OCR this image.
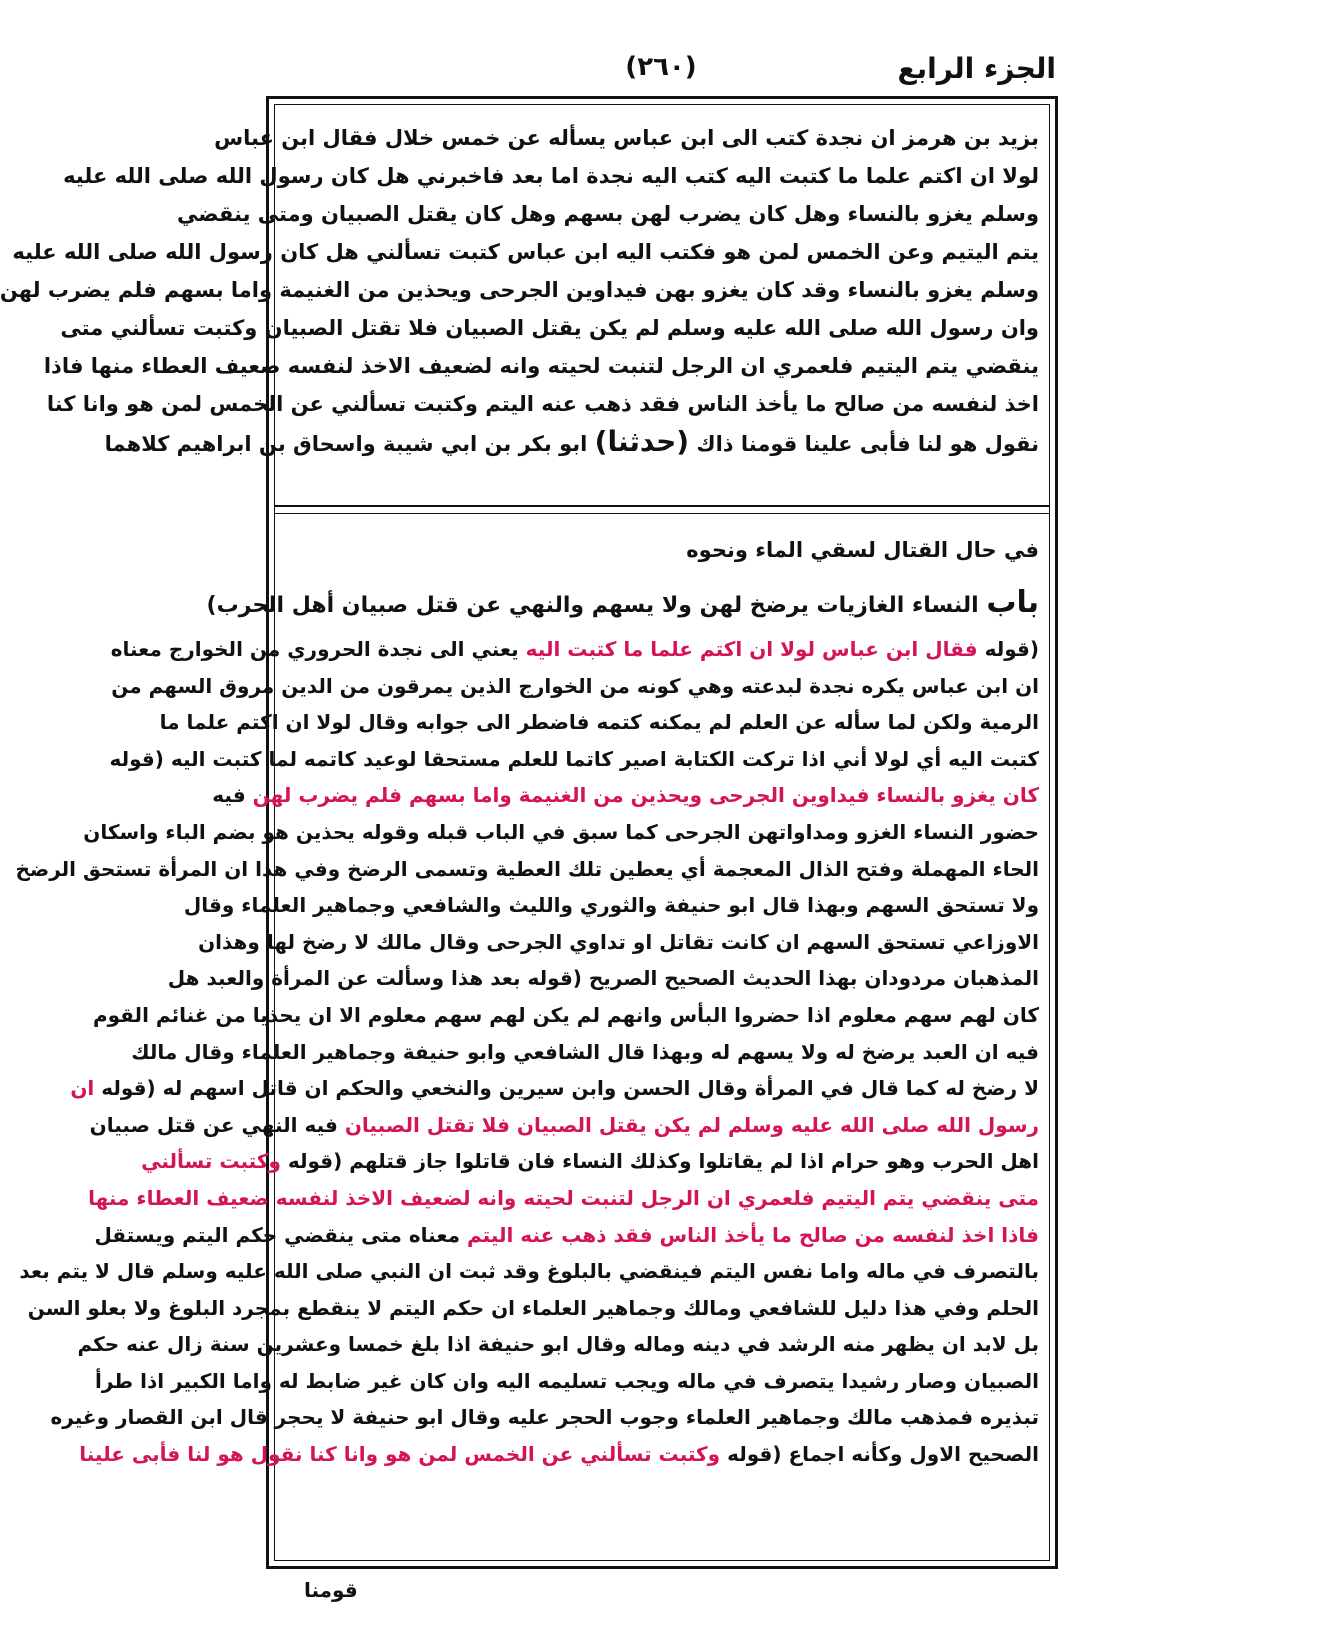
الجزء الرابع
(٢٦٠)
بزيد بن هرمز ان نجدة كتب الى ابن عباس يسأله عن خمس خلال فقال ابن عباس
لولا ان اكتم علما ما كتبت اليه كتب اليه نجدة اما بعد فاخبرني هل كان رسول الله صلى الله عليه
وسلم يغزو بالنساء وهل كان يضرب لهن بسهم وهل كان يقتل الصبيان ومتى ينقضي
يتم اليتيم وعن الخمس لمن هو فكتب اليه ابن عباس كتبت تسألني هل كان رسول الله صلى الله عليه
وسلم يغزو بالنساء وقد كان يغزو بهن فيداوين الجرحى ويحذين من الغنيمة واما بسهم فلم يضرب لهن
وان رسول الله صلى الله عليه وسلم لم يكن يقتل الصبيان فلا تقتل الصبيان وكتبت تسألني متى
ينقضي يتم اليتيم فلعمري ان الرجل لتنبت لحيته وانه لضعيف الاخذ لنفسه ضعيف العطاء منها فاذا
اخذ لنفسه من صالح ما يأخذ الناس فقد ذهب عنه اليتم وكتبت تسألني عن الخمس لمن هو وانا كنا
نقول هو لنا فأبى علينا قومنا ذاك (حدثنا) ابو بكر بن ابي شيبة واسحاق بن ابراهيم كلاهما
في حال القتال لسقي الماء ونحوه
باب النساء الغازيات يرضخ لهن ولا يسهم والنهي عن قتل صبيان أهل الحرب)
(قوله فقال ابن عباس لولا ان اكتم علما ما كتبت اليه يعني الى نجدة الحروري من الخوارج معناه
ان ابن عباس يكره نجدة لبدعته وهي كونه من الخوارج الذين يمرقون من الدين مروق السهم من
الرمية ولكن لما سأله عن العلم لم يمكنه كتمه فاضطر الى جوابه وقال لولا ان اكتم علما ما
كتبت اليه أي لولا أني اذا تركت الكتابة اصير كاتما للعلم مستحقا لوعيد كاتمه لما كتبت اليه (قوله
كان يغزو بالنساء فيداوين الجرحى ويحذين من الغنيمة واما بسهم فلم يضرب لهن فيه
حضور النساء الغزو ومداواتهن الجرحى كما سبق في الباب قبله وقوله يحذين هو بضم الباء واسكان
الحاء المهملة وفتح الذال المعجمة أي يعطين تلك العطية وتسمى الرضخ وفي هذا ان المرأة تستحق الرضخ
ولا تستحق السهم وبهذا قال ابو حنيفة والثوري والليث والشافعي وجماهير العلماء وقال
الاوزاعي تستحق السهم ان كانت تقاتل او تداوي الجرحى وقال مالك لا رضخ لها وهذان
المذهبان مردودان بهذا الحديث الصحيح الصريح (قوله بعد هذا وسألت عن المرأة والعبد هل
كان لهم سهم معلوم اذا حضروا البأس وانهم لم يكن لهم سهم معلوم الا ان يحذيا من غنائم القوم
فيه ان العبد يرضخ له ولا يسهم له وبهذا قال الشافعي وابو حنيفة وجماهير العلماء وقال مالك
لا رضخ له كما قال في المرأة وقال الحسن وابن سيرين والنخعي والحكم ان قاتل اسهم له (قوله ان
رسول الله صلى الله عليه وسلم لم يكن يقتل الصبيان فلا تقتل الصبيان فيه النهي عن قتل صبيان
اهل الحرب وهو حرام اذا لم يقاتلوا وكذلك النساء فان قاتلوا جاز قتلهم (قوله وكتبت تسألني
متى ينقضي يتم اليتيم فلعمري ان الرجل لتنبت لحيته وانه لضعيف الاخذ لنفسه ضعيف العطاء منها
فاذا اخذ لنفسه من صالح ما يأخذ الناس فقد ذهب عنه اليتم معناه متى ينقضي حكم اليتم ويستقل
بالتصرف في ماله واما نفس اليتم فينقضي بالبلوغ وقد ثبت ان النبي صلى الله عليه وسلم قال لا يتم بعد
الحلم وفي هذا دليل للشافعي ومالك وجماهير العلماء ان حكم اليتم لا ينقطع بمجرد البلوغ ولا بعلو السن
بل لابد ان يظهر منه الرشد في دينه وماله وقال ابو حنيفة اذا بلغ خمسا وعشرين سنة زال عنه حكم
الصبيان وصار رشيدا يتصرف في ماله ويجب تسليمه اليه وان كان غير ضابط له واما الكبير اذا طرأ
تبذيره فمذهب مالك وجماهير العلماء وجوب الحجر عليه وقال ابو حنيفة لا يحجر قال ابن القصار وغيره
الصحيح الاول وكأنه اجماع (قوله وكتبت تسألني عن الخمس لمن هو وانا كنا نقول هو لنا فأبى علينا
قومنا
